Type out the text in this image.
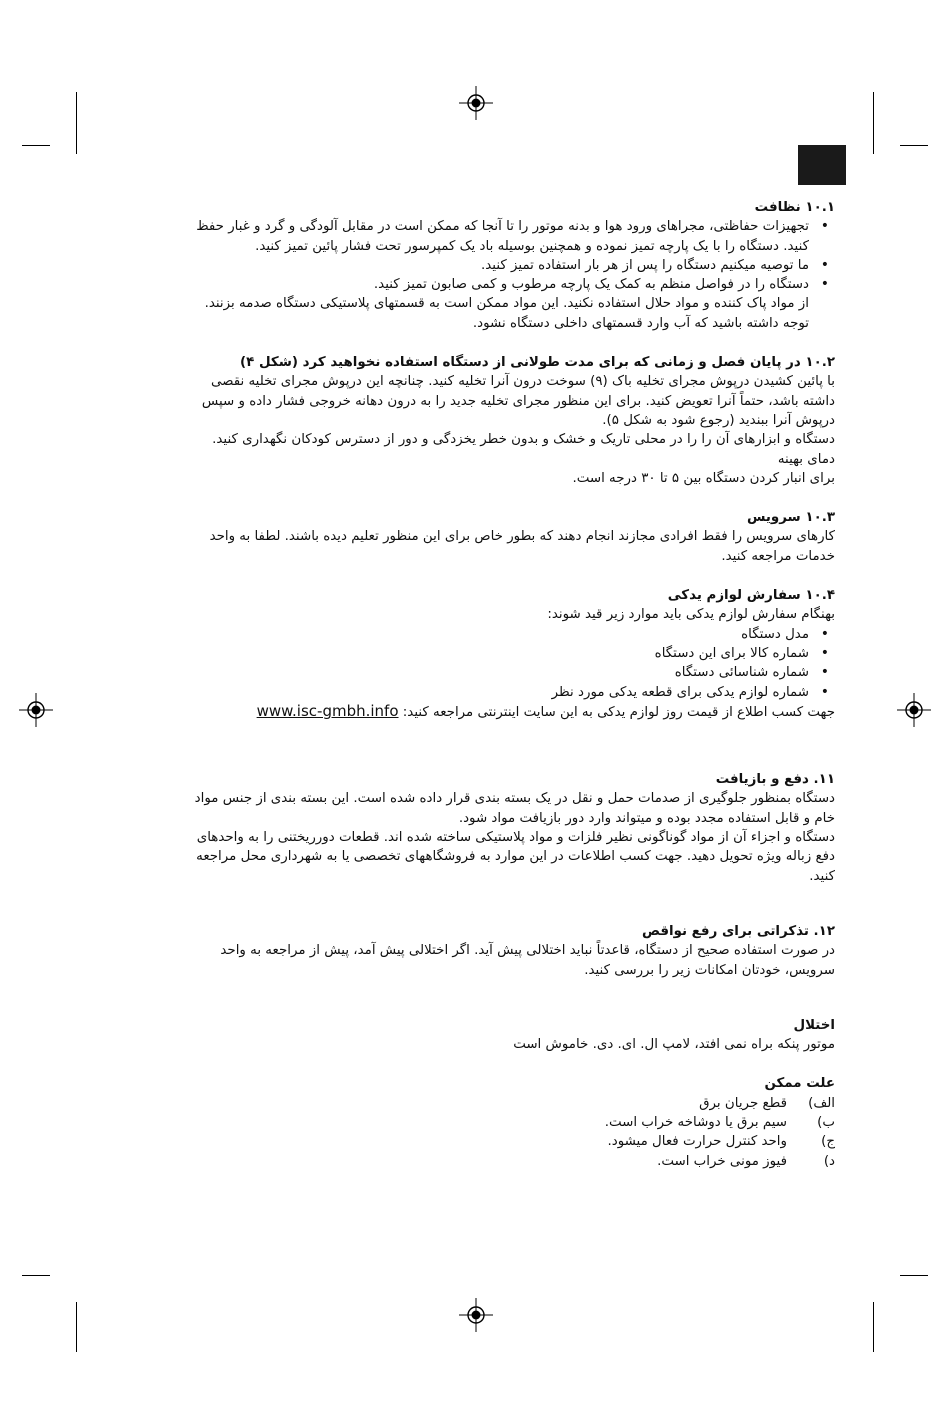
۱۰.۱ نظافت

• تجهیزات حفاظتی، مجراهای ورود هوا و بدنه موتور را تا آنجا که ممکن است در مقابل آلودگی و گرد و غبار حفظ کنید. دستگاه را با یک پارچه تمیز نموده و همچنین بوسیله باد یک کمپرسور تحت فشار پائین تمیز کنید.
• ما توصیه میکنیم دستگاه را پس از هر بار استفاده تمیز کنید.
• دستگاه را در فواصل منظم به کمک یک پارچه مرطوب و کمی صابون تمیز کنید.

از مواد پاک کننده و مواد حلال استفاده نکنید. این مواد ممکن است به قسمتهای پلاستیکی دستگاه صدمه بزنند.

توجه داشته باشید که آب وارد قسمتهای داخلی دستگاه نشود.

۱۰.۲ در پایان فصل و زمانی که برای مدت طولانی از دستگاه استفاده نخواهید کرد (شکل ۴)

با پائین کشیدن درپوش مجرای تخلیه باک (۹) سوخت درون آنرا تخلیه کنید. چنانچه این درپوش مجرای تخلیه نقصی داشته باشد، حتماً آنرا تعویض کنید. برای این منظور مجرای تخلیه جدید را به درون دهانه خروجی فشار داده و سپس درپوش آنرا ببندید (رجوع شود به شکل ۵).

دستگاه و ابزارهای آن را را در محلی تاریک و خشک و بدون خطر یخزدگی و دور از دسترس کودکان نگهداری کنید. دمای بهینه

برای انبار کردن دستگاه بین ۵ تا ۳۰ درجه است.

۱۰.۳ سرویس

کارهای سرویس را فقط افرادی مجازند انجام دهند که بطور خاص برای این منظور تعلیم دیده باشند. لطفا به واحد خدمات مراجعه کنید.

۱۰.۴ سفارش لوازم یدکی

بهنگام سفارش لوازم یدکی باید موارد زیر قید شوند:

• مدل دستگاه
• شماره کالا برای این دستگاه
• شماره شناسائی دستگاه
• شماره لوازم یدکی برای قطعه یدکی مورد نظر

جهت کسب اطلاع از قیمت روز لوازم یدکی به این سایت اینترنتی مراجعه کنید: www.isc-gmbh.info

۱۱. دفع و بازیافت

دستگاه بمنظور جلوگیری از صدمات حمل و نقل در یک بسته بندی قرار داده شده است. این بسته بندی از جنس مواد خام و قابل استفاده مجدد بوده و میتواند وارد دور بازیافت مواد شود.

دستگاه و اجزاء آن از مواد گوناگونی نظیر فلزات و مواد پلاستیکی ساخته شده اند. قطعات دورریختنی را به واحدهای دفع زباله ویژه تحویل دهید. جهت کسب اطلاعات در این موارد به فروشگاههای تخصصی یا به شهرداری محل مراجعه کنید.

۱۲. تذکراتی برای رفع نواقص

در صورت استفاده صحیح از دستگاه، قاعدتاً نباید اختلالی پیش آید. اگر اختلالی پیش آمد، پیش از مراجعه به واحد سرویس، خودتان امکانات زیر را بررسی کنید.

اختلال

موتور پنکه براه نمی افتد، لامپ ال. ای. دی. خاموش است

علت ممکن

الف)
قطع جریان برق
ب)
سیم برق یا دوشاخه خراب است.
ج)
واحد کنترل حرارت فعال میشود.
د)
فیوز مونی خراب است.
